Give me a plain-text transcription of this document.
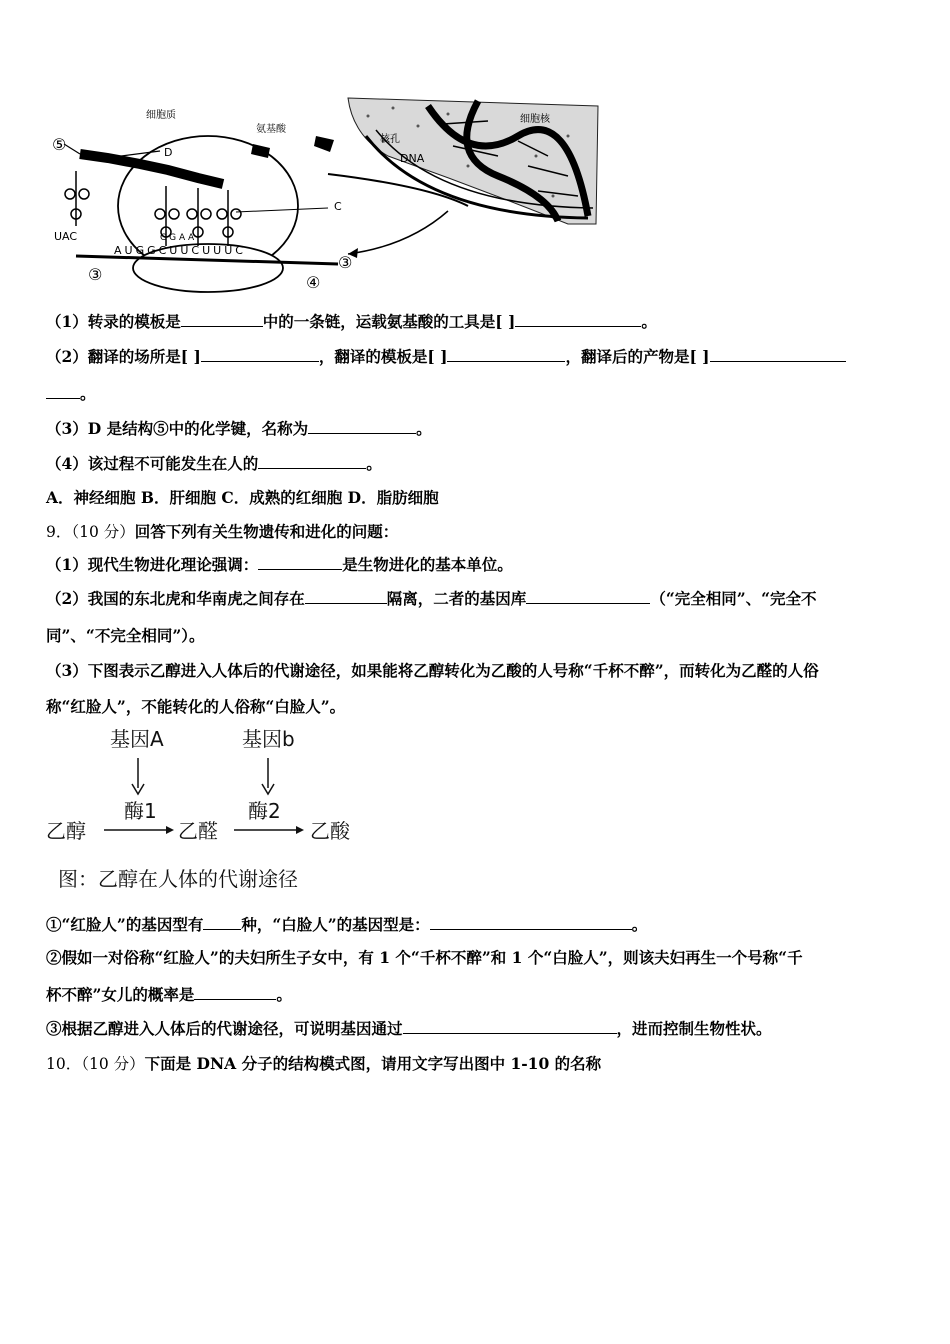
细胞质
氨基酸
细胞核
核孔
DNA
⑤	D
C
UAC	C G A A
AUGGCUUCUUUC
③
③
④
（1）转录的模板是	中的一条链，运载氨基酸的工具是[ ]	。
（2）翻译的场所是[ ]	，翻译的模板是[ ]	，翻译后的产物是[ ]
。
（3）D 是结构⑤中的化学键，名称为	。
（4）该过程不可能发生在人的	。
A．神经细胞 B．肝细胞 C．成熟的红细胞 D．脂肪细胞
9．（10 分）回答下列有关生物遗传和进化的问题：
（1）现代生物进化理论强调：	是生物进化的基本单位。
（2）我国的东北虎和华南虎之间存在	隔离，二者的基因库	（“完全相同”、“完全不
同”、“不完全相同”）。
（3）下图表示乙醇进入人体后的代谢途径，如果能将乙醇转化为乙酸的人号称“千杯不醉”，而转化为乙醛的人俗
称“红脸人”，不能转化的人俗称“白脸人”。
基因A	基因b
酶1	酶2
乙醇	乙醛	乙酸
图：乙醇在人体的代谢途径
①“红脸人”的基因型有 种，“白脸人”的基因型是：	。
②假如一对俗称“红脸人”的夫妇所生子女中，有 1 个“千杯不醉”和 1 个“白脸人”，则该夫妇再生一个号称“千
杯不醉”女儿的概率是	。
③根据乙醇进入人体后的代谢途径，可说明基因通过	，进而控制生物性状。
10．（10 分）下面是 DNA 分子的结构模式图，请用文字写出图中 1-10 的名称
